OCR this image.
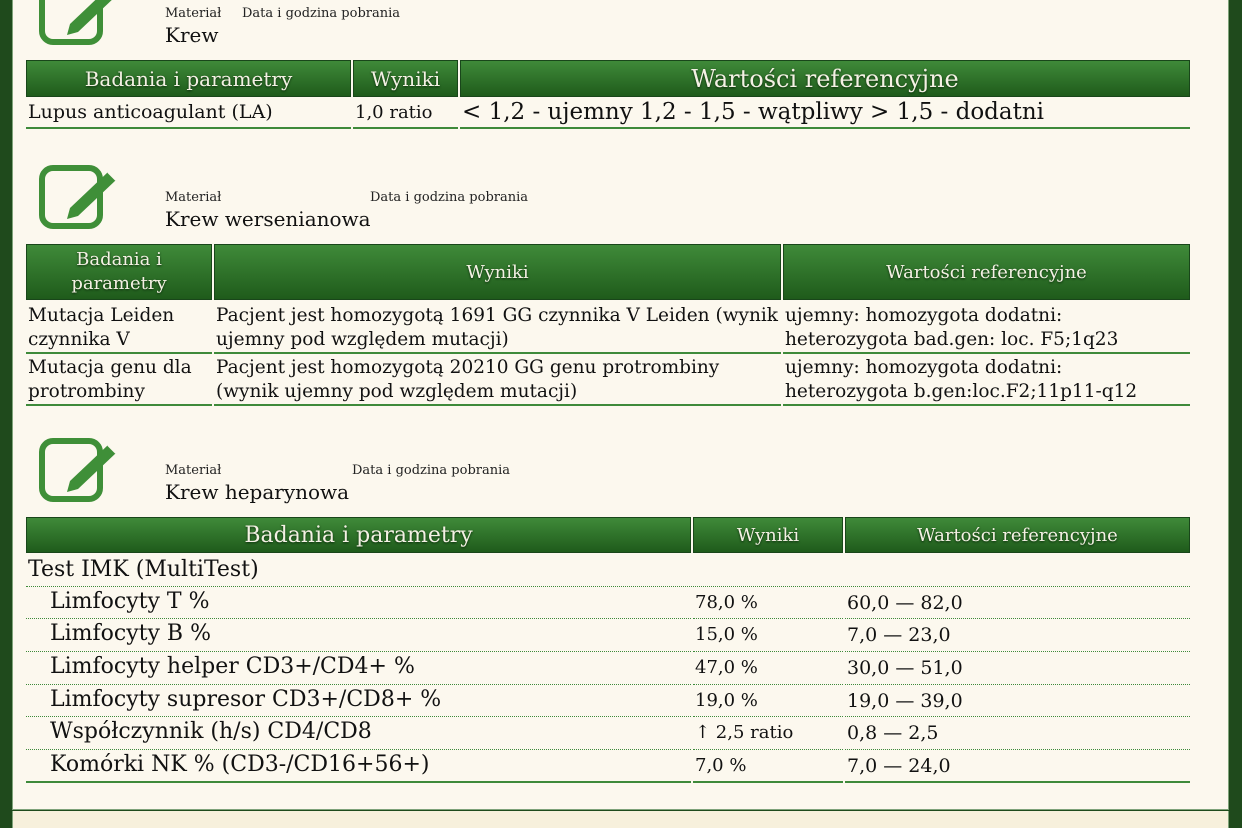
Materiał Data i godzina pobrania
Krew
Badania i parametry	Wyniki	Wartości referencyjne
Lupus anticoagulant (LA)	1,0 ratio	< 1,2 - ujemny 1,2 - 1,5 - wątpliwy > 1,5 - dodatni
Materiał	Data i godzina pobrania
Krew wersenianowa
Badania i parametry	Wyniki	Wartości referencyjne
Mutacja Leiden czynnika V	Pacjent jest homozygotą 1691 GG czynnika V Leiden (wynik ujemny pod względem mutacji)	ujemny: homozygota dodatni: heterozygota bad.gen: loc. F5;1q23
Mutacja genu dla protrombiny	Pacjent jest homozygotą 20210 GG genu protrombiny (wynik ujemny pod względem mutacji)	ujemny: homozygota dodatni: heterozygota b.gen:loc.F2;11p11-q12
Materiał	Data i godzina pobrania
Krew heparynowa
Badania i parametry	Wyniki	Wartości referencyjne
Test IMK (MultiTest)		
Limfocyty T %	78,0 %	60,0 — 82,0
Limfocyty B %	15,0 %	7,0 — 23,0
Limfocyty helper CD3+/CD4+ %	47,0 %	30,0 — 51,0
Limfocyty supresor CD3+/CD8+ %	19,0 %	19,0 — 39,0
Współczynnik (h/s) CD4/CD8	↑ 2,5 ratio	0,8 — 2,5
Komórki NK % (CD3-/CD16+56+)	7,0 %	7,0 — 24,0
